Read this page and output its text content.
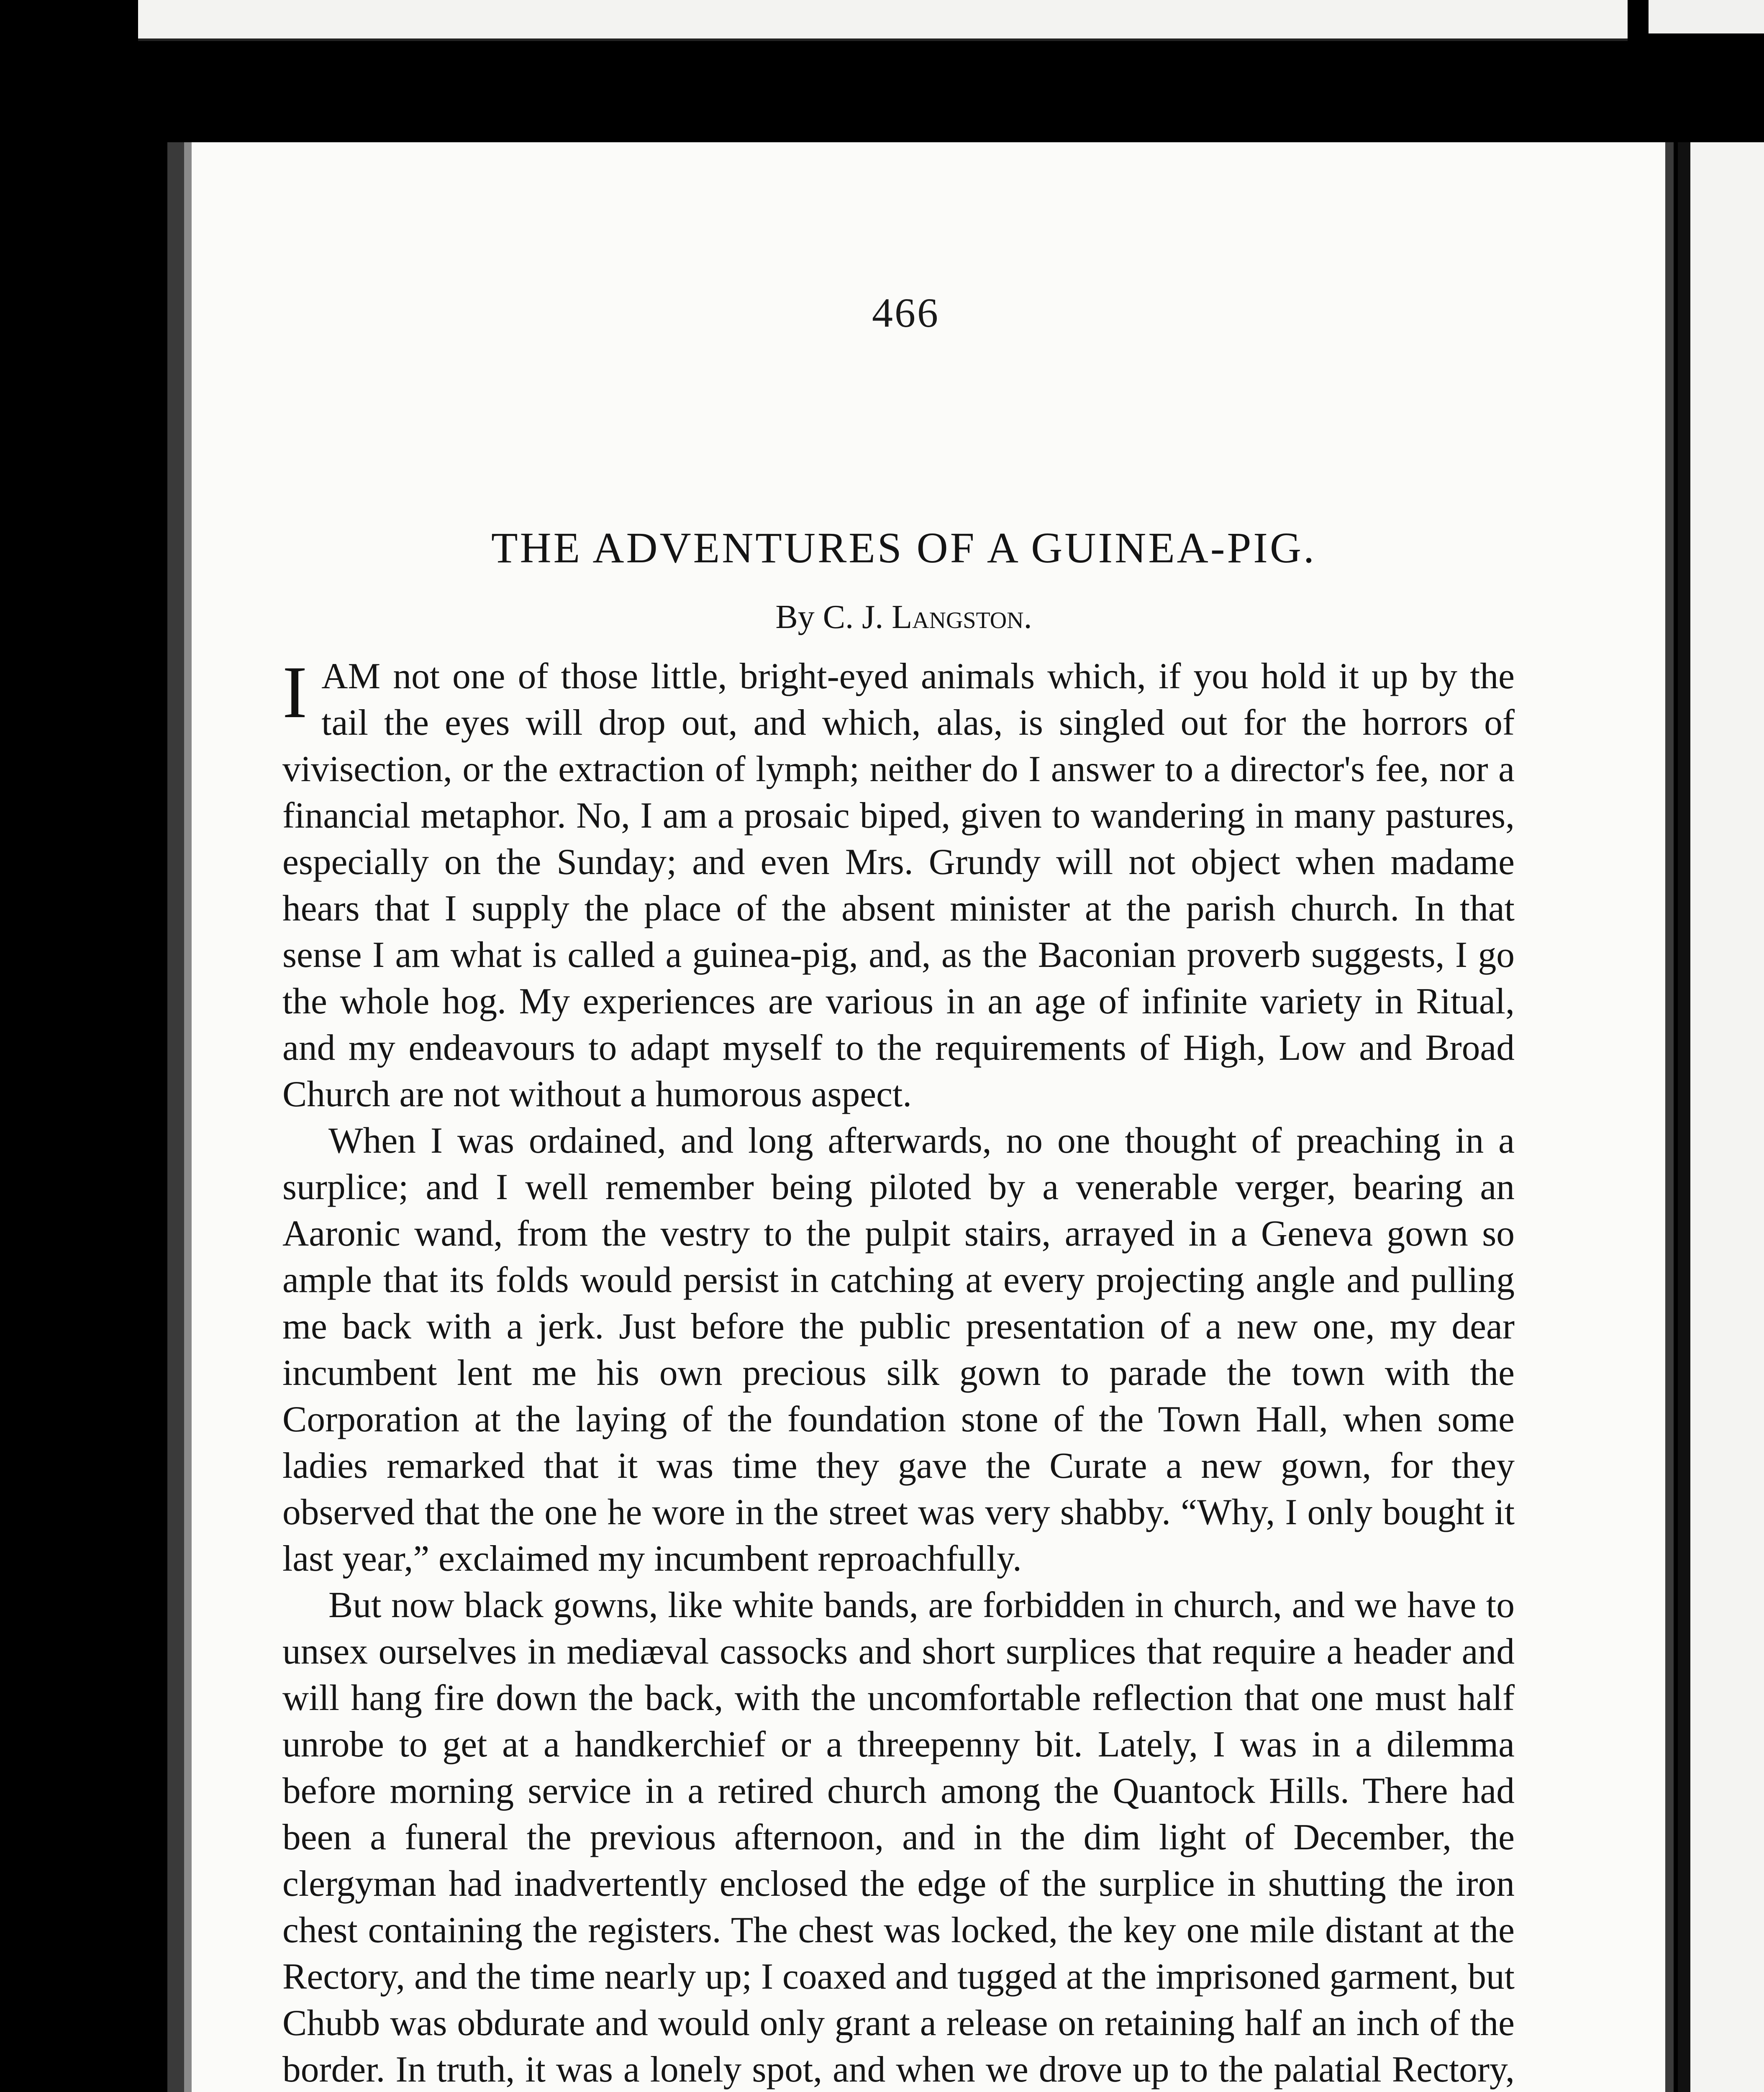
466
THE ADVENTURES OF A GUINEA-PIG.
By C. J. Langston.

I AM not one of those little, bright-eyed animals which, if you hold it up by the tail the eyes will drop out, and which, alas, is singled out for the horrors of vivisection, or the extraction of lymph; neither do I answer to a director's fee, nor a financial metaphor. No, I am a prosaic biped, given to wandering in many pastures, especially on the Sunday; and even Mrs. Grundy will not object when madame hears that I supply the place of the absent minister at the parish church. In that sense I am what is called a guinea-pig, and, as the Baconian proverb suggests, I go the whole hog. My experiences are various in an age of infinite variety in Ritual, and my endeavours to adapt myself to the requirements of High, Low and Broad Church are not without a humorous aspect.

When I was ordained, and long afterwards, no one thought of preaching in a surplice; and I well remember being piloted by a venerable verger, bearing an Aaronic wand, from the vestry to the pulpit stairs, arrayed in a Geneva gown so ample that its folds would persist in catching at every projecting angle and pulling me back with a jerk. Just before the public presentation of a new one, my dear incumbent lent me his own precious silk gown to parade the town with the Corporation at the laying of the foundation stone of the Town Hall, when some ladies remarked that it was time they gave the Curate a new gown, for they observed that the one he wore in the street was very shabby. “Why, I only bought it last year,” exclaimed my incumbent reproachfully.

But now black gowns, like white bands, are forbidden in church, and we have to unsex ourselves in mediæval cassocks and short surplices that require a header and will hang fire down the back, with the uncomfortable reflection that one must half unrobe to get at a handkerchief or a threepenny bit. Lately, I was in a dilemma before morning service in a retired church among the Quantock Hills. There had been a funeral the previous afternoon, and in the dim light of December, the clergyman had inadvertently enclosed the edge of the surplice in shutting the iron chest containing the registers. The chest was locked, the key one mile distant at the Rectory, and the time nearly up; I coaxed and tugged at the imprisoned garment, but Chubb was obdurate and would only grant a release on retaining half an inch of the border. In truth, it was a lonely spot, and when we drove up to the palatial Rectory,
